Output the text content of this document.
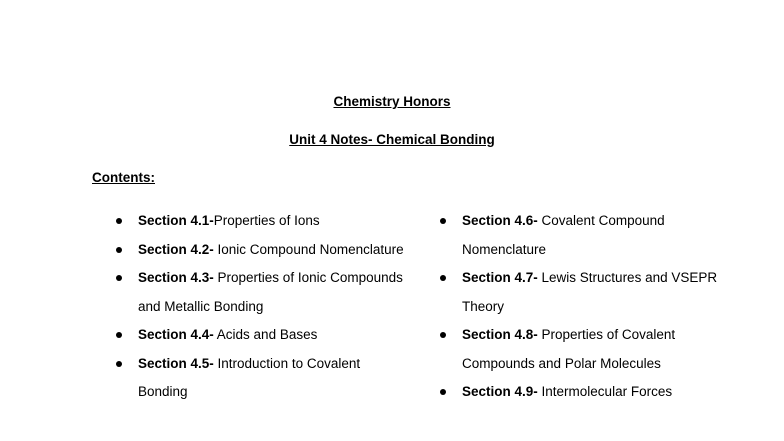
Chemistry Honors
Unit 4 Notes- Chemical Bonding
Contents:
Section 4.1-Properties of Ions
Section 4.2- Ionic Compound Nomenclature
Section 4.3- Properties of Ionic Compounds and Metallic Bonding
Section 4.4- Acids and Bases
Section 4.5- Introduction to Covalent Bonding
Section 4.6- Covalent Compound Nomenclature
Section 4.7- Lewis Structures and VSEPR Theory
Section 4.8- Properties of Covalent Compounds and Polar Molecules
Section 4.9- Intermolecular Forces
